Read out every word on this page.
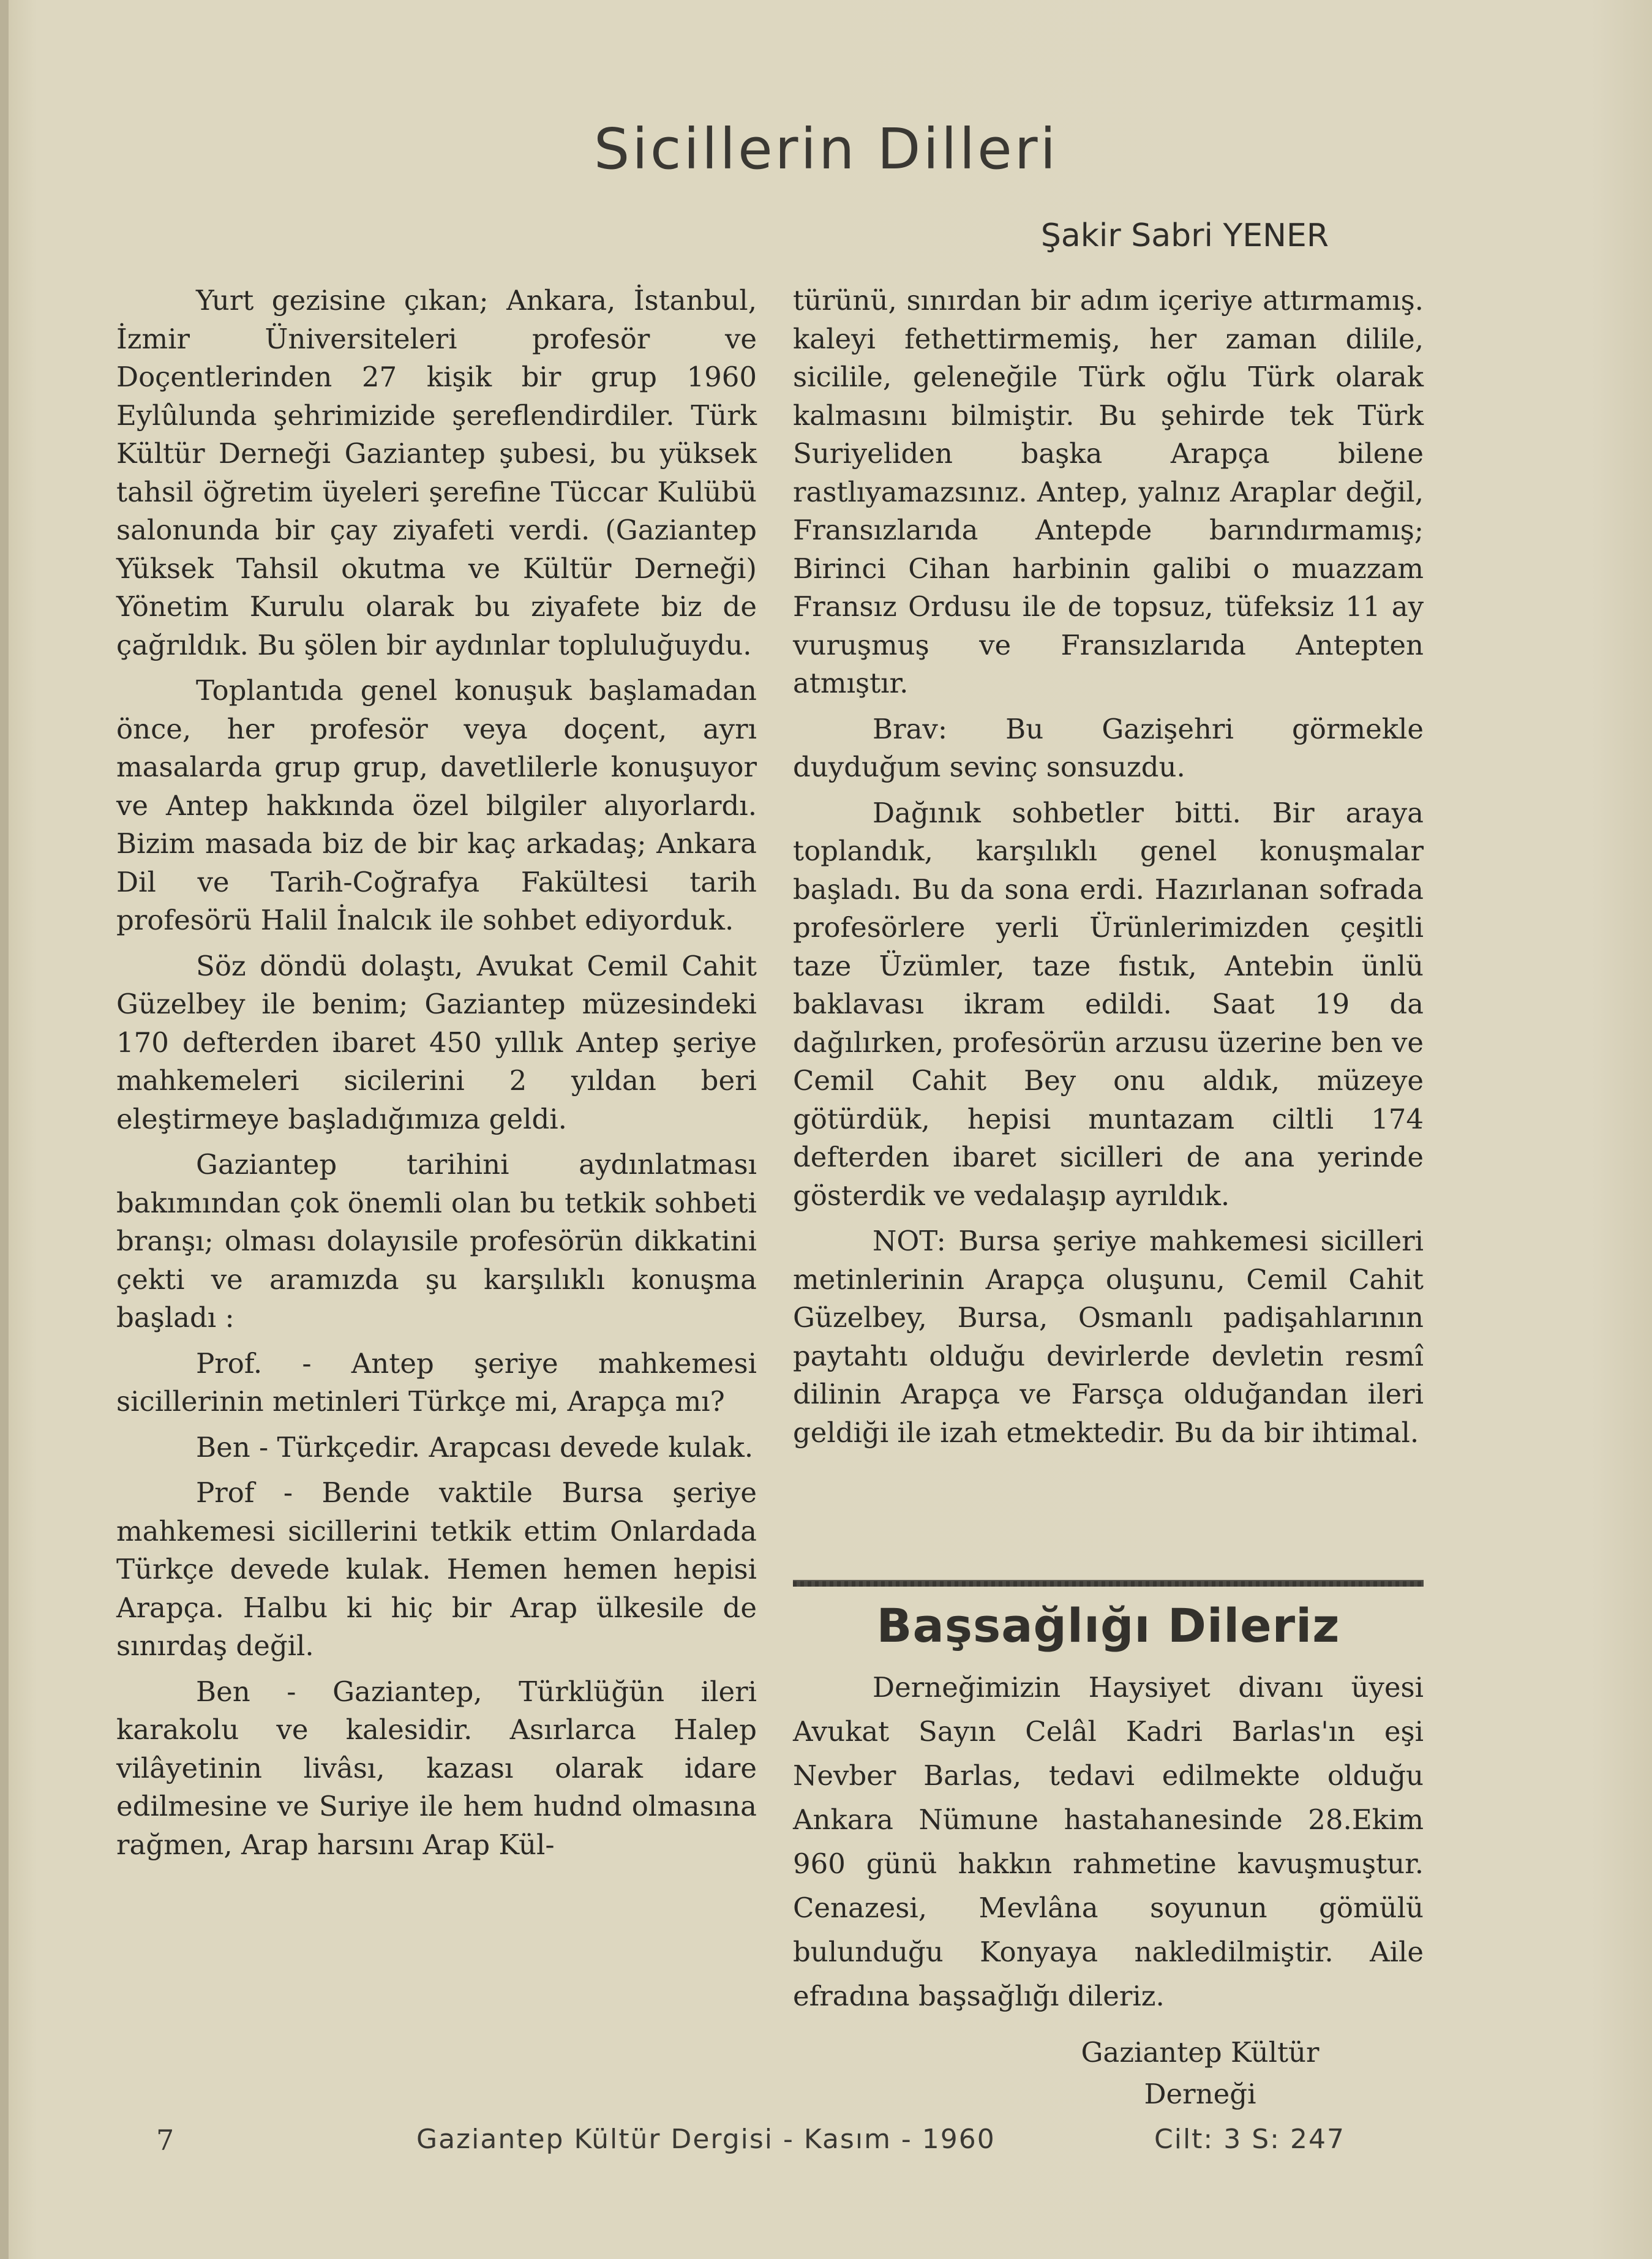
Sicillerin Dilleri
Şakir Sabri YENER

Yurt gezisine çıkan; Ankara, İstanbul, İzmir Üniversiteleri profesör ve Doçentlerinden 27 kişik bir grup 1960 Eylûlunda şehrimizide şereflendirdiler. Türk Kültür Derneği Gaziantep şubesi, bu yüksek tahsil öğretim üyeleri şerefine Tüccar Kulübü salonunda bir çay ziyafeti verdi. (Gaziantep Yüksek Tahsil okutma ve Kültür Derneği) Yönetim Kurulu olarak bu ziyafete biz de çağrıldık. Bu şölen bir aydınlar topluluğuydu.

Toplantıda genel konuşuk başlamadan önce, her profesör veya doçent, ayrı masalarda grup grup, davetlilerle konuşuyor ve Antep hakkında özel bilgiler alıyorlardı. Bizim masada biz de bir kaç arkadaş; Ankara Dil ve Tarih-Coğrafya Fakültesi tarih profesörü Halil İnalcık ile sohbet ediyorduk.

Söz döndü dolaştı, Avukat Cemil Cahit Güzelbey ile benim; Gaziantep müzesindeki 170 defterden ibaret 450 yıllık Antep şeriye mahkemeleri sicilerini 2 yıldan beri eleştirmeye başladığımıza geldi.

Gaziantep tarihini aydınlatması bakımından çok önemli olan bu tetkik sohbeti branşı; olması dolayısile profesörün dikkatini çekti ve aramızda şu karşılıklı konuşma başladı :

Prof. - Antep şeriye mahkemesi sicillerinin metinleri Türkçe mi, Arapça mı?

Ben - Türkçedir. Arapcası devede kulak.

Prof - Bende vaktile Bursa şeriye mahkemesi sicillerini tetkik ettim Onlardada Türkçe devede kulak. Hemen hemen hepisi Arapça. Halbu ki hiç bir Arap ülkesile de sınırdaş değil.

Ben - Gaziantep, Türklüğün ileri karakolu ve kalesidir. Asırlarca Halep vilâyetinin livâsı, kazası olarak idare edilmesine ve Suriye ile hem hudnd olmasına rağmen, Arap harsını Arap Kül-

türünü, sınırdan bir adım içeriye attırmamış. kaleyi fethettirmemiş, her zaman dilile, sicilile, geleneğile Türk oğlu Türk olarak kalmasını bilmiştir. Bu şehirde tek Türk Suriyeliden başka Arapça bilene rastlıyamazsınız. Antep, yalnız Araplar değil, Fransızlarıda Antepde barındırmamış; Birinci Cihan harbinin galibi o muazzam Fransız Ordusu ile de topsuz, tüfeksiz 11 ay vuruşmuş ve Fransızlarıda Antepten atmıştır.

Brav: Bu Gazişehri görmekle duyduğum sevinç sonsuzdu.

Dağınık sohbetler bitti. Bir araya toplandık, karşılıklı genel konuşmalar başladı. Bu da sona erdi. Hazırlanan sofrada profesörlere yerli Ürünlerimizden çeşitli taze Üzümler, taze fıstık, Antebin ünlü baklavası ikram edildi. Saat 19 da dağılırken, profesörün arzusu üzerine ben ve Cemil Cahit Bey onu aldık, müzeye götürdük, hepisi muntazam ciltli 174 defterden ibaret sicilleri de ana yerinde gösterdik ve vedalaşıp ayrıldık.

NOT: Bursa şeriye mahkemesi sicilleri metinlerinin Arapça oluşunu, Cemil Cahit Güzelbey, Bursa, Osmanlı padişahlarının paytahtı olduğu devirlerde devletin resmî dilinin Arapça ve Farsça olduğandan ileri geldiği ile izah etmektedir. Bu da bir ihtimal.

Başsağlığı Dileriz

Derneğimizin Haysiyet divanı üyesi Avukat Sayın Celâl Kadri Barlas'ın eşi Nevber Barlas, tedavi edilmekte olduğu Ankara Nümune hastahanesinde 28.Ekim 960 günü hakkın rahmetine kavuşmuştur. Cenazesi, Mevlâna soyunun gömülü bulunduğu Konyaya nakledilmiştir. Aile efradına başsağlığı dileriz.

Gaziantep Kültür
Derneği
7	Gaziantep Kültür Dergisi - Kasım - 1960	Cilt: 3 S: 247
